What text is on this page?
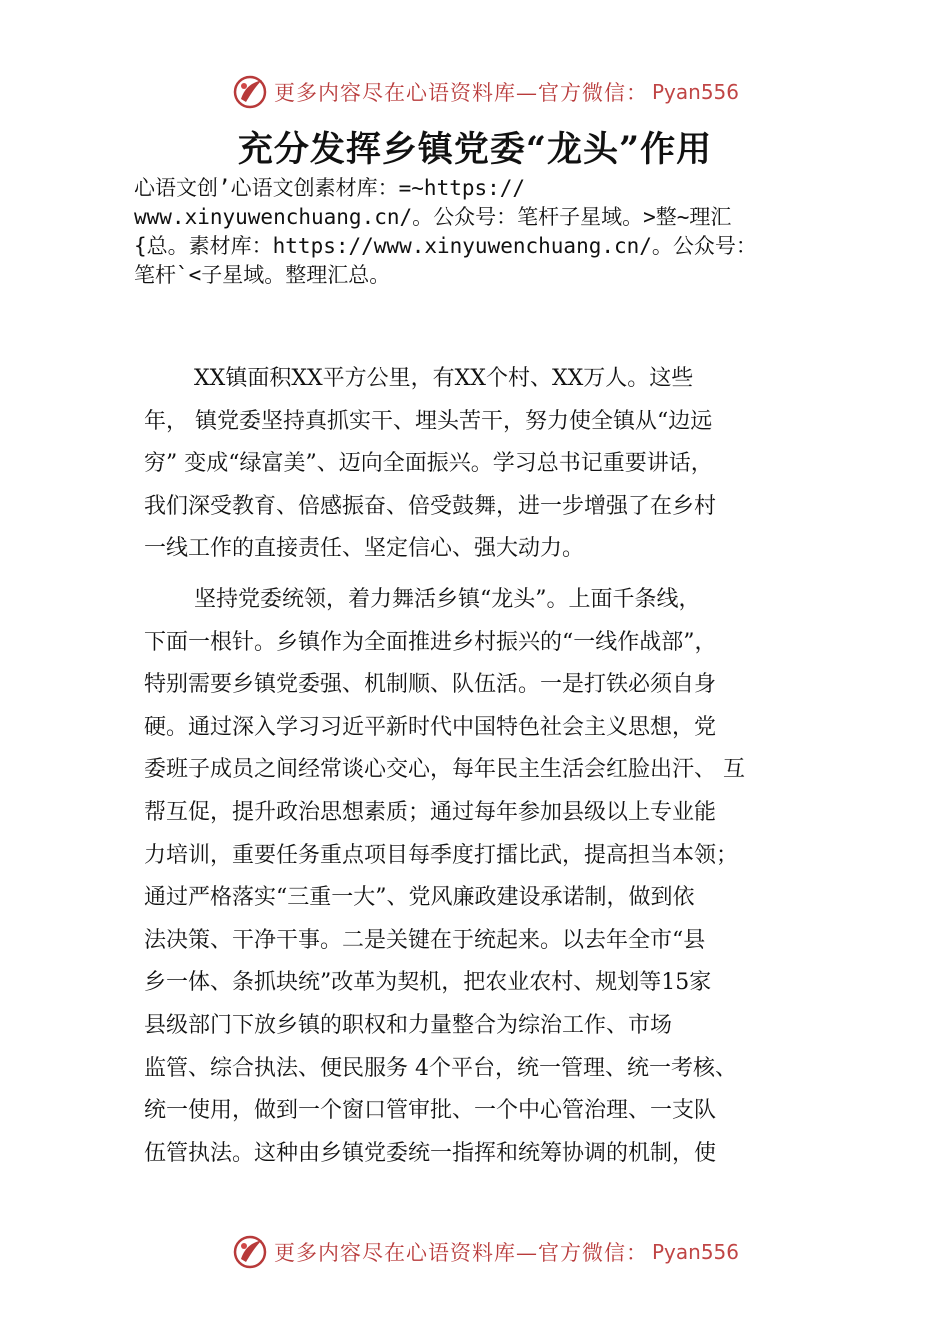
更多内容尽在心语资料库—官方微信： Pyan556
充分发挥乡镇党委“龙头”作用
心语文创’心语文创素材库：=~https://
www.xinyuwenchuang.cn/。公众号：笔杆子星域。>整~理汇
{总。素材库：https://www.xinyuwenchuang.cn/。公众号：
笔杆`<子星域。整理汇总。
XX镇面积XX平方公里，有XX个村、XX万人。这些
年， 镇党委坚持真抓实干、埋头苦干，努力使全镇从“边远
穷” 变成“绿富美”、迈向全面振兴。学习总书记重要讲话，
我们深受教育、倍感振奋、倍受鼓舞，进一步增强了在乡村
一线工作的直接责任、坚定信心、强大动力。
坚持党委统领，着力舞活乡镇“龙头”。上面千条线，
下面一根针。乡镇作为全面推进乡村振兴的“一线作战部”，
特别需要乡镇党委强、机制顺、队伍活。一是打铁必须自身
硬。通过深入学习习近平新时代中国特色社会主义思想，党
委班子成员之间经常谈心交心，每年民主生活会红脸出汗、 互
帮互促，提升政治思想素质；通过每年参加县级以上专业能
力培训，重要任务重点项目每季度打擂比武，提高担当本领；
通过严格落实“三重一大”、党风廉政建设承诺制，做到依
法决策、干净干事。二是关键在于统起来。以去年全市“县
乡一体、条抓块统”改革为契机，把农业农村、规划等15家
县级部门下放乡镇的职权和力量整合为综治工作、市场
监管、综合执法、便民服务 4个平台，统一管理、统一考核、
统一使用，做到一个窗口管审批、一个中心管治理、一支队
伍管执法。这种由乡镇党委统一指挥和统筹协调的机制，使
更多内容尽在心语资料库—官方微信： Pyan556
